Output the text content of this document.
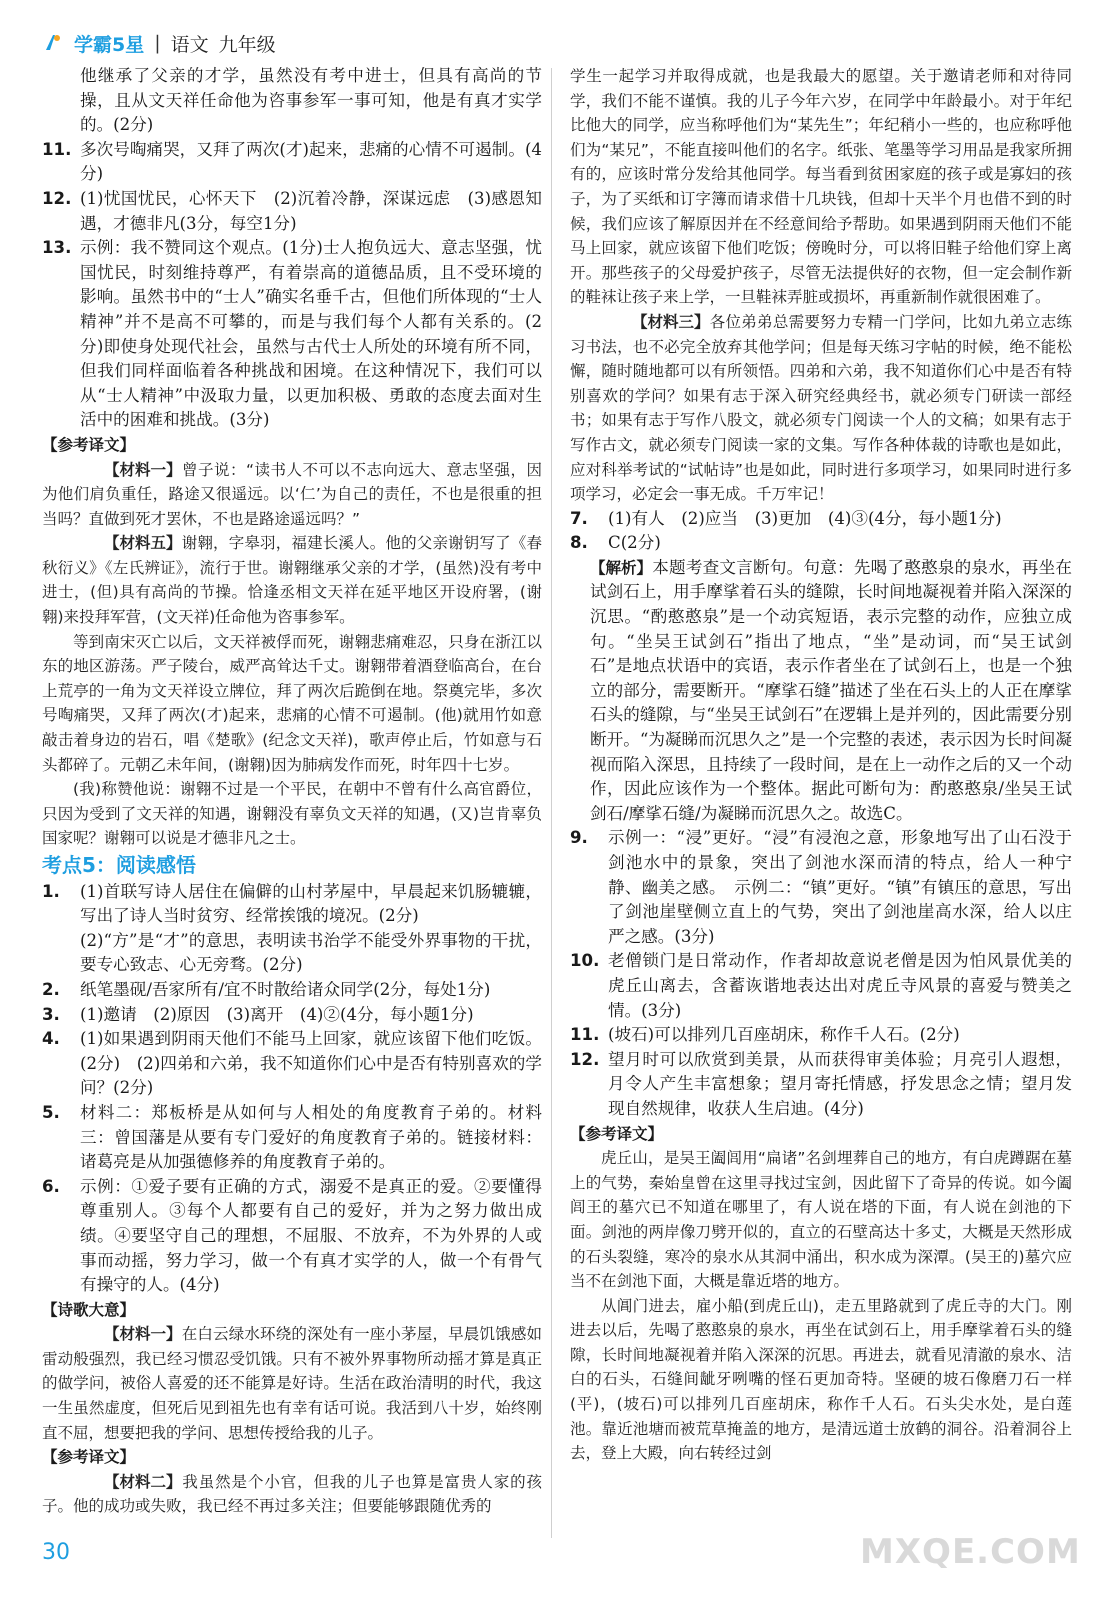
学霸5星 | 语文 九年级

他继承了父亲的才学，虽然没有考中进士，但具有高尚的节操，且从文天祥任命他为咨事参军一事可知，他是有真才实学的。(2分)

11. 多次号啕痛哭，又拜了两次(才)起来，悲痛的心情不可遏制。(4分)
12. (1)忧国忧民，心怀天下　(2)沉着冷静，深谋远虑　(3)感恩知遇，才德非凡(3分，每空1分)
13. 示例：我不赞同这个观点。(1分)士人抱负远大、意志坚强，忧国忧民，时刻维持尊严，有着崇高的道德品质，且不受环境的影响。虽然书中的“士人”确实名垂千古，但他们所体现的“士人精神”并不是高不可攀的，而是与我们每个人都有关系的。(2分)即使身处现代社会，虽然与古代士人所处的环境有所不同，但我们同样面临着各种挑战和困境。在这种情况下，我们可以从“士人精神”中汲取力量，以更加积极、勇敢的态度去面对生活中的困难和挑战。(3分)
【参考译文】

【材料一】曾子说：“读书人不可以不志向远大、意志坚强，因为他们肩负重任，路途又很遥远。以‘仁’为自己的责任，不也是很重的担当吗？直做到死才罢休，不也是路途遥远吗？”

【材料五】谢翱，字皋羽，福建长溪人。他的父亲谢钥写了《春秋衍义》《左氏辨证》，流行于世。谢翱继承父亲的才学，(虽然)没有考中进士，(但)具有高尚的节操。恰逢丞相文天祥在延平地区开设府署，(谢翱)来投拜军营，(文天祥)任命他为咨事参军。

等到南宋灭亡以后，文天祥被俘而死，谢翱悲痛难忍，只身在浙江以东的地区游荡。严子陵台，威严高耸达千丈。谢翱带着酒登临高台，在台上荒亭的一角为文天祥设立牌位，拜了两次后跪倒在地。祭奠完毕，多次号啕痛哭，又拜了两次(才)起来，悲痛的心情不可遏制。(他)就用竹如意敲击着身边的岩石，唱《楚歌》(纪念文天祥)，歌声停止后，竹如意与石头都碎了。元朝乙未年间，(谢翱)因为肺病发作而死，时年四十七岁。

(我)称赞他说：谢翱不过是一个平民，在朝中不曾有什么高官爵位，只因为受到了文天祥的知遇，谢翱没有辜负文天祥的知遇，(又)岂肯辜负国家呢？谢翱可以说是才德非凡之士。

考点5：阅读感悟
1.	(1)首联写诗人居住在偏僻的山村茅屋中，早晨起来饥肠辘辘，写出了诗人当时贫穷、经常挨饿的境况。(2分)

(2)“方”是“才”的意思，表明读书治学不能受外界事物的干扰，要专心致志、心无旁骛。(2分)

2.	纸笔墨砚/吾家所有/宜不时散给诸众同学(2分，每处1分)
3.	(1)邀请　(2)原因　(3)离开　(4)②(4分，每小题1分)
4.	(1)如果遇到阴雨天他们不能马上回家，就应该留下他们吃饭。(2分)　(2)四弟和六弟，我不知道你们心中是否有特别喜欢的学问？(2分)
5.	材料二：郑板桥是从如何与人相处的角度教育子弟的。材料三：曾国藩是从要有专门爱好的角度教育子弟的。链接材料：诸葛亮是从加强德修养的角度教育子弟的。
6.	示例：①爱子要有正确的方式，溺爱不是真正的爱。②要懂得尊重别人。③每个人都要有自己的爱好，并为之努力做出成绩。④要坚守自己的理想，不屈服、不放弃，不为外界的人或事而动摇，努力学习，做一个有真才实学的人，做一个有骨气有操守的人。(4分)
【诗歌大意】

【材料一】在白云绿水环绕的深处有一座小茅屋，早晨饥饿感如雷动般强烈，我已经习惯忍受饥饿。只有不被外界事物所动摇才算是真正的做学问，被俗人喜爱的还不能算是好诗。生活在政治清明的时代，我这一生虽然虚度，但死后见到祖先也有幸有话可说。我活到八十岁，始终刚直不屈，想要把我的学问、思想传授给我的儿子。

【参考译文】

【材料二】我虽然是个小官，但我的儿子也算是富贵人家的孩子。他的成功或失败，我已经不再过多关注；但要能够跟随优秀的

学生一起学习并取得成就，也是我最大的愿望。关于邀请老师和对待同学，我们不能不谨慎。我的儿子今年六岁，在同学中年龄最小。对于年纪比他大的同学，应当称呼他们为“某先生”；年纪稍小一些的，也应称呼他们为“某兄”，不能直接叫他们的名字。纸张、笔墨等学习用品是我家所拥有的，应该时常分发给其他同学。每当看到贫困家庭的孩子或是寡妇的孩子，为了买纸和订字簿而请求借十几块钱，但却十天半个月也借不到的时候，我们应该了解原因并在不经意间给予帮助。如果遇到阴雨天他们不能马上回家，就应该留下他们吃饭；傍晚时分，可以将旧鞋子给他们穿上离开。那些孩子的父母爱护孩子，尽管无法提供好的衣物，但一定会制作新的鞋袜让孩子来上学，一旦鞋袜弄脏或损坏，再重新制作就很困难了。

【材料三】各位弟弟总需要努力专精一门学问，比如九弟立志练习书法，也不必完全放弃其他学问；但是每天练习字帖的时候，绝不能松懈，随时随地都可以有所领悟。四弟和六弟，我不知道你们心中是否有特别喜欢的学问？如果有志于深入研究经典经书，就必须专门研读一部经书；如果有志于写作八股文，就必须专门阅读一个人的文稿；如果有志于写作古文，就必须专门阅读一家的文集。写作各种体裁的诗歌也是如此，应对科举考试的“试帖诗”也是如此，同时进行多项学习，如果同时进行多项学习，必定会一事无成。千万牢记！

7.	(1)有人　(2)应当　(3)更加　(4)③(4分，每小题1分)
8.	C(2分)

【解析】本题考查文言断句。句意：先喝了憨憨泉的泉水，再坐在试剑石上，用手摩挲着石头的缝隙，长时间地凝视着并陷入深深的沉思。“酌憨憨泉”是一个动宾短语，表示完整的动作，应独立成句。“坐吴王试剑石”指出了地点，“坐”是动词，而“吴王试剑石”是地点状语中的宾语，表示作者坐在了试剑石上，也是一个独立的部分，需要断开。“摩挲石缝”描述了坐在石头上的人正在摩挲石头的缝隙，与“坐吴王试剑石”在逻辑上是并列的，因此需要分别断开。“为凝睇而沉思久之”是一个完整的表述，表示因为长时间凝视而陷入深思，且持续了一段时间，是在上一动作之后的又一个动作，因此应该作为一个整体。据此可断句为：酌憨憨泉/坐吴王试剑石/摩挲石缝/为凝睇而沉思久之。故选C。

9.	示例一：“浸”更好。“浸”有浸泡之意，形象地写出了山石没于剑池水中的景象，突出了剑池水深而清的特点，给人一种宁静、幽美之感。　示例二：“镇”更好。“镇”有镇压的意思，写出了剑池崖壁侧立直上的气势，突出了剑池崖高水深，给人以庄严之感。(3分)
10. 老僧锁门是日常动作，作者却故意说老僧是因为怕风景优美的虎丘山离去，含蓄诙谐地表达出对虎丘寺风景的喜爱与赞美之情。(3分)
11. (坡石)可以排列几百座胡床，称作千人石。(2分)
12. 望月时可以欣赏到美景，从而获得审美体验；月亮引人遐想，月令人产生丰富想象；望月寄托情感，抒发思念之情；望月发现自然规律，收获人生启迪。(4分)
【参考译文】

虎丘山，是吴王阖闾用“扁诸”名剑埋葬自己的地方，有白虎蹲踞在墓上的气势，秦始皇曾在这里寻找过宝剑，因此留下了奇异的传说。如今阖闾王的墓穴已不知道在哪里了，有人说在塔的下面，有人说在剑池的下面。剑池的两岸像刀劈开似的，直立的石壁高达十多丈，大概是天然形成的石头裂缝，寒冷的泉水从其洞中涌出，积水成为深潭。(吴王的)墓穴应当不在剑池下面，大概是靠近塔的地方。

从阊门进去，雇小船(到虎丘山)，走五里路就到了虎丘寺的大门。刚进去以后，先喝了憨憨泉的泉水，再坐在试剑石上，用手摩挲着石头的缝隙，长时间地凝视着并陷入深深的沉思。再进去，就看见清澈的泉水、洁白的石头，石缝间龇牙咧嘴的怪石更加奇特。坚硬的坡石像磨刀石一样(平)，(坡石)可以排列几百座胡床，称作千人石。石头尖水处，是白莲池。靠近池塘而被荒草掩盖的地方，是清远道士放鹤的洞谷。沿着洞谷上去，登上大殿，向右转经过剑

30	MXQE.COM
